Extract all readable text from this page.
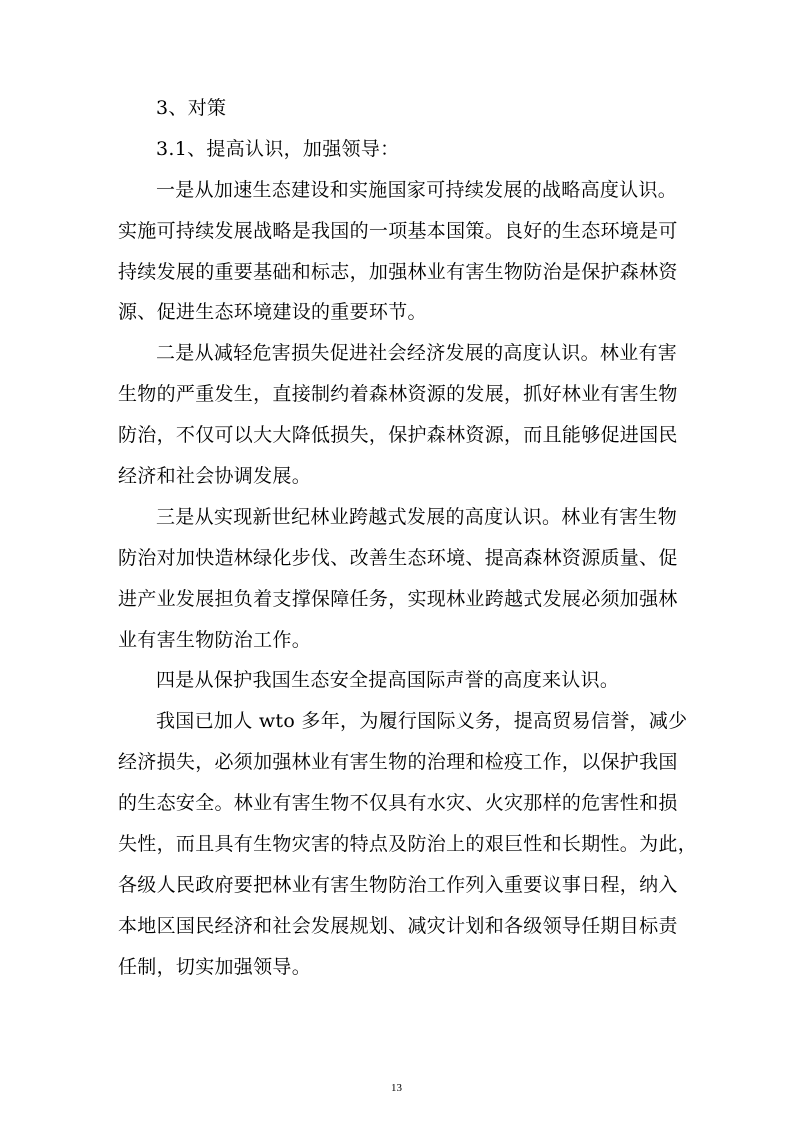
3、对策
3.1、提高认识，加强领导：
一是从加速生态建设和实施国家可持续发展的战略高度认识。
实施可持续发展战略是我国的一项基本国策。良好的生态环境是可
持续发展的重要基础和标志，加强林业有害生物防治是保护森林资
源、促进生态环境建设的重要环节。
二是从减轻危害损失促进社会经济发展的高度认识。林业有害
生物的严重发生，直接制约着森林资源的发展，抓好林业有害生物
防治，不仅可以大大降低损失，保护森林资源，而且能够促进国民
经济和社会协调发展。
三是从实现新世纪林业跨越式发展的高度认识。林业有害生物
防治对加快造林绿化步伐、改善生态环境、提高森林资源质量、促
进产业发展担负着支撑保障任务，实现林业跨越式发展必须加强林
业有害生物防治工作。
四是从保护我国生态安全提高国际声誉的高度来认识。
我国已加人 wto 多年，为履行国际义务，提高贸易信誉，减少
经济损失，必须加强林业有害生物的治理和检疫工作，以保护我国
的生态安全。林业有害生物不仅具有水灾、火灾那样的危害性和损
失性，而且具有生物灾害的特点及防治上的艰巨性和长期性。为此，
各级人民政府要把林业有害生物防治工作列入重要议事日程，纳入
本地区国民经济和社会发展规划、减灾计划和各级领导任期目标责
任制，切实加强领导。
13
